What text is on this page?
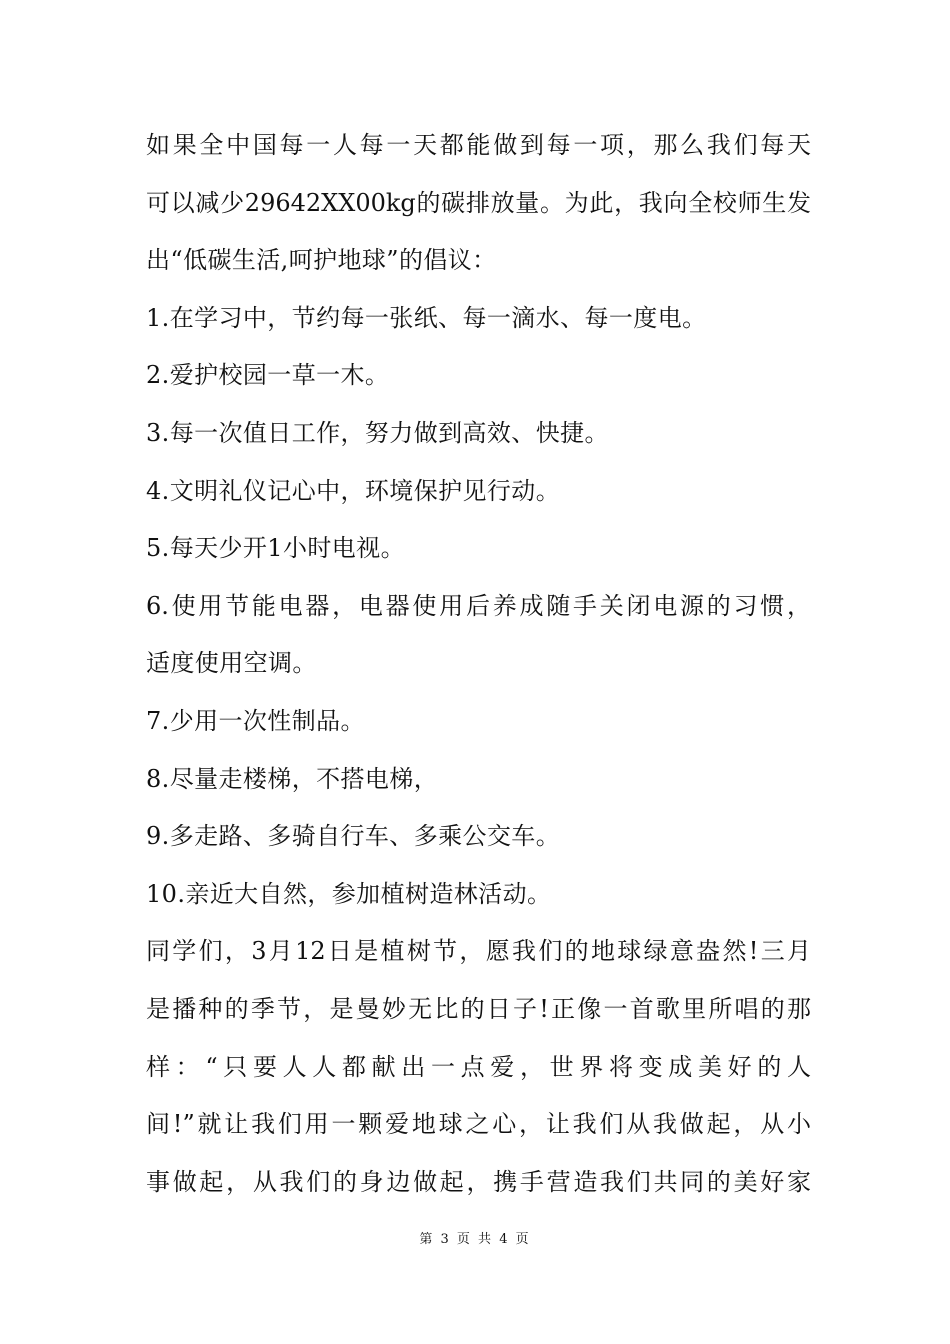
如果全中国每一人每一天都能做到每一项，那么我们每天
可以减少29642XX00kg的碳排放量。为此，我向全校师生发
出“低碳生活,呵护地球”的倡议：
1.在学习中，节约每一张纸、每一滴水、每一度电。
2.爱护校园一草一木。
3.每一次值日工作，努力做到高效、快捷。
4.文明礼仪记心中，环境保护见行动。
5.每天少开1小时电视。
6.使用节能电器，电器使用后养成随手关闭电源的习惯，
适度使用空调。
7.少用一次性制品。
8.尽量走楼梯，不搭电梯，
9.多走路、多骑自行车、多乘公交车。
10.亲近大自然，参加植树造林活动。
同学们，3月12日是植树节，愿我们的地球绿意盎然!三月
是播种的季节，是曼妙无比的日子!正像一首歌里所唱的那
样：“只要人人都献出一点爱，世界将变成美好的人
间!”就让我们用一颗爱地球之心，让我们从我做起，从小
事做起，从我们的身边做起，携手营造我们共同的美好家
第 3 页 共 4 页
